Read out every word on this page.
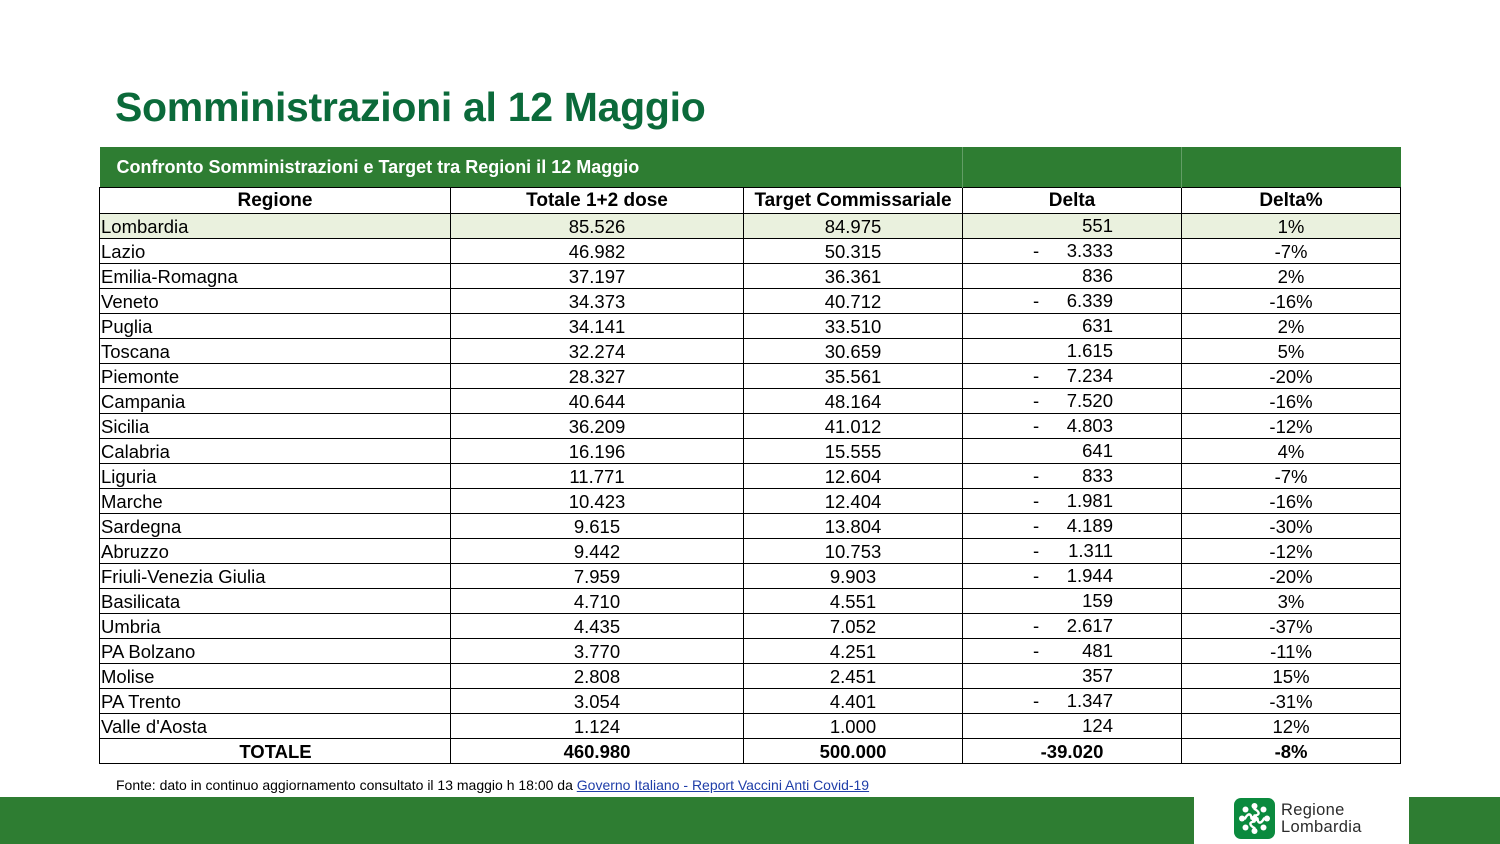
Somministrazioni al 12 Maggio
Confronto Somministrazioni e Target tra Regioni il 12 Maggio				
Regione	Totale 1+2 dose	Target Commissariale	Delta	Delta%
Lombardia	85.526	84.975	551	1%
Lazio	46.982	50.315	- 3.333	-7%
Emilia-Romagna	37.197	36.361	836	2%
Veneto	34.373	40.712	- 6.339	-16%
Puglia	34.141	33.510	631	2%
Toscana	32.274	30.659	1.615	5%
Piemonte	28.327	35.561	- 7.234	-20%
Campania	40.644	48.164	- 7.520	-16%
Sicilia	36.209	41.012	- 4.803	-12%
Calabria	16.196	15.555	641	4%
Liguria	11.771	12.604	- 833	-7%
Marche	10.423	12.404	- 1.981	-16%
Sardegna	9.615	13.804	- 4.189	-30%
Abruzzo	9.442	10.753	- 1.311	-12%
Friuli-Venezia Giulia	7.959	9.903	- 1.944	-20%
Basilicata	4.710	4.551	159	3%
Umbria	4.435	7.052	- 2.617	-37%
PA Bolzano	3.770	4.251	- 481	-11%
Molise	2.808	2.451	357	15%
PA Trento	3.054	4.401	- 1.347	-31%
Valle d'Aosta	1.124	1.000	124	12%
TOTALE	460.980	500.000	-39.020	-8%
Fonte: dato in continuo aggiornamento consultato il 13 maggio h 18:00 da Governo Italiano - Report Vaccini Anti Covid-19
Regione
Lombardia
